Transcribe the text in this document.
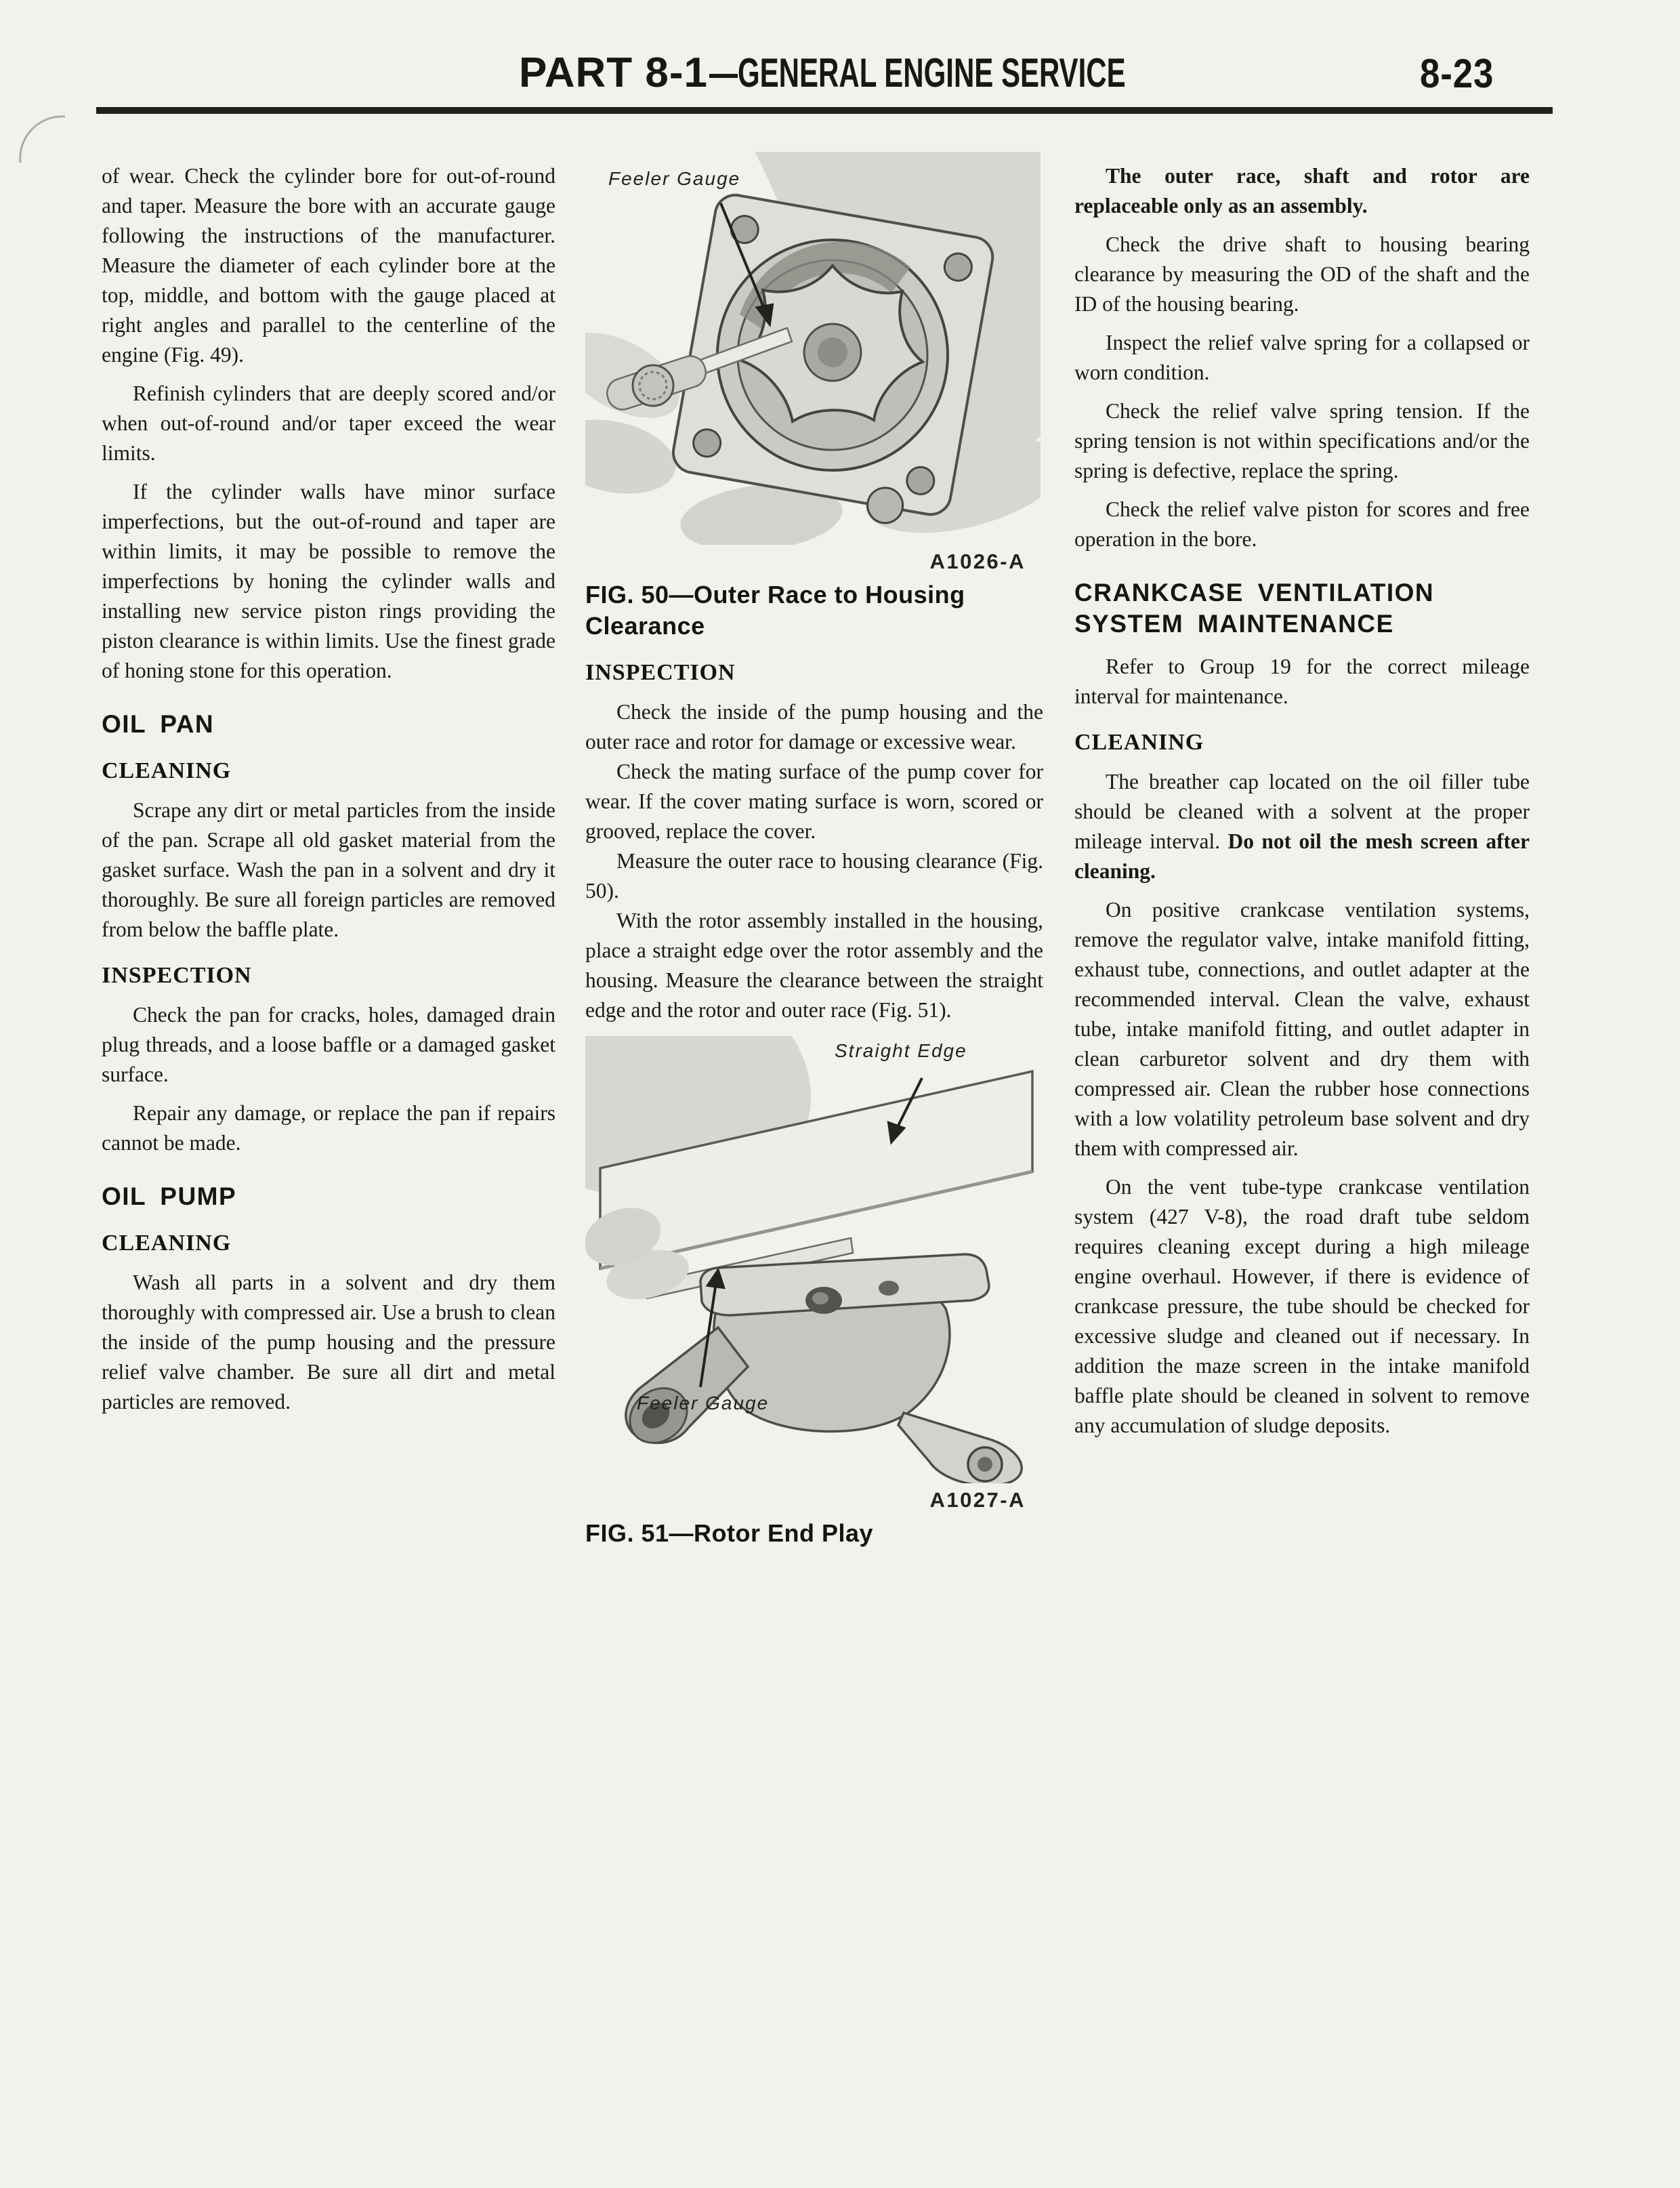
PART 8-1—GENERAL ENGINE SERVICE	8-23

of wear. Check the cylinder bore for out-of-round and taper. Measure the bore with an accurate gauge following the instructions of the manufacturer. Measure the diameter of each cylinder bore at the top, middle, and bottom with the gauge placed at right angles and parallel to the centerline of the engine (Fig. 49).

Refinish cylinders that are deeply scored and/or when out-of-round and/or taper exceed the wear limits.

If the cylinder walls have minor surface imperfections, but the out-of-round and taper are within limits, it may be possible to remove the imperfections by honing the cylinder walls and installing new service piston rings providing the piston clearance is within limits. Use the finest grade of honing stone for this operation.

OIL PAN
CLEANING

Scrape any dirt or metal particles from the inside of the pan. Scrape all old gasket material from the gasket surface. Wash the pan in a solvent and dry it thoroughly. Be sure all foreign particles are removed from below the baffle plate.

INSPECTION

Check the pan for cracks, holes, damaged drain plug threads, and a loose baffle or a damaged gasket surface.

Repair any damage, or replace the pan if repairs cannot be made.

OIL PUMP
CLEANING

Wash all parts in a solvent and dry them thoroughly with compressed air. Use a brush to clean the inside of the pump housing and the pressure relief valve chamber. Be sure all dirt and metal particles are removed.

Feeler Gauge
A1026-A
FIG. 50—Outer Race to Housing Clearance
INSPECTION

Check the inside of the pump housing and the outer race and rotor for damage or excessive wear.

Check the mating surface of the pump cover for wear. If the cover mating surface is worn, scored or grooved, replace the cover.

Measure the outer race to housing clearance (Fig. 50).

With the rotor assembly installed in the housing, place a straight edge over the rotor assembly and the housing. Measure the clearance between the straight edge and the rotor and outer race (Fig. 51).

Straight Edge
Feeler Gauge
A1027-A
FIG. 51—Rotor End Play

The outer race, shaft and rotor are replaceable only as an assembly.

Check the drive shaft to housing bearing clearance by measuring the OD of the shaft and the ID of the housing bearing.

Inspect the relief valve spring for a collapsed or worn condition.

Check the relief valve spring tension. If the spring tension is not within specifications and/or the spring is defective, replace the spring.

Check the relief valve piston for scores and free operation in the bore.

CRANKCASE VENTILATION SYSTEM MAINTENANCE

Refer to Group 19 for the correct mileage interval for maintenance.

CLEANING

The breather cap located on the oil filler tube should be cleaned with a solvent at the proper mileage interval. Do not oil the mesh screen after cleaning.

On positive crankcase ventilation systems, remove the regulator valve, intake manifold fitting, exhaust tube, connections, and outlet adapter at the recommended interval. Clean the valve, exhaust tube, intake manifold fitting, and outlet adapter in clean carburetor solvent and dry them with compressed air. Clean the rubber hose connections with a low volatility petroleum base solvent and dry them with compressed air.

On the vent tube-type crankcase ventilation system (427 V-8), the road draft tube seldom requires cleaning except during a high mileage engine overhaul. However, if there is evidence of crankcase pressure, the tube should be checked for excessive sludge and cleaned out if necessary. In addition the maze screen in the intake manifold baffle plate should be cleaned in solvent to remove any accumulation of sludge deposits.
